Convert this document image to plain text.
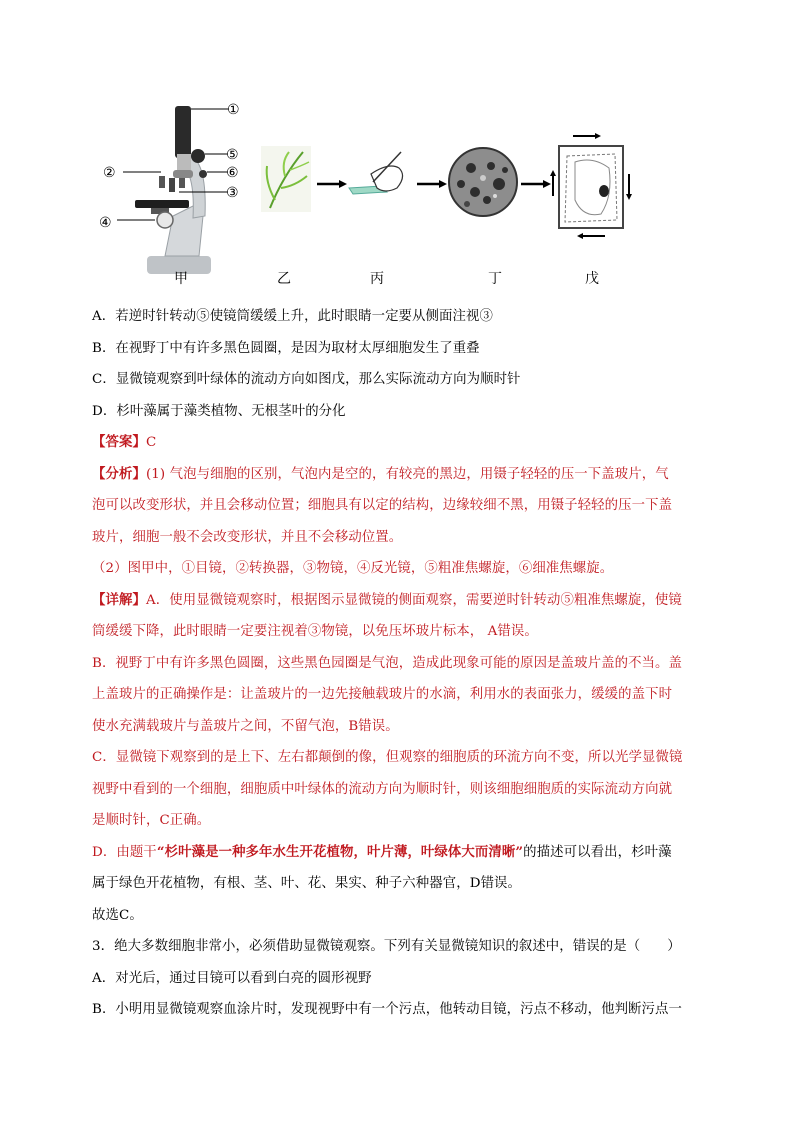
①
⑤
⑥
③
②
④
甲	乙	丙	丁	戊
A．若逆时针转动⑤使镜筒缓缓上升，此时眼睛一定要从侧面注视③
B．在视野丁中有许多黑色圆圈，是因为取材太厚细胞发生了重叠
C．显微镜观察到叶绿体的流动方向如图戊，那么实际流动方向为顺时针
D．杉叶藻属于藻类植物、无根茎叶的分化
【答案】C
【分析】(1) 气泡与细胞的区别，气泡内是空的，有较亮的黑边，用镊子轻轻的压一下盖玻片，气
泡可以改变形状，并且会移动位置；细胞具有以定的结构，边缘较细不黑，用镊子轻轻的压一下盖
玻片，细胞一般不会改变形状，并且不会移动位置。
（2）图甲中，①目镜，②转换器，③物镜，④反光镜，⑤粗准焦螺旋，⑥细准焦螺旋。
【详解】A．使用显微镜观察时，根据图示显微镜的侧面观察，需要逆时针转动⑤粗准焦螺旋，使镜
筒缓缓下降，此时眼睛一定要注视着③物镜，以免压坏玻片标本， A错误。
B．视野丁中有许多黑色圆圈，这些黑色园圈是气泡，造成此现象可能的原因是盖玻片盖的不当。盖
上盖玻片的正确操作是：让盖玻片的一边先接触载玻片的水滴，利用水的表面张力，缓缓的盖下时
使水充满载玻片与盖玻片之间，不留气泡，B错误。
C．显微镜下观察到的是上下、左右都颠倒的像，但观察的细胞质的环流方向不变，所以光学显微镜
视野中看到的一个细胞，细胞质中叶绿体的流动方向为顺时针，则该细胞细胞质的实际流动方向就
是顺时针，C正确。
D．由题干“杉叶藻是一种多年水生开花植物，叶片薄，叶绿体大而清晰”的描述可以看出，杉叶藻
属于绿色开花植物，有根、茎、叶、花、果实、种子六种器官，D错误。
故选C。
3．绝大多数细胞非常小，必须借助显微镜观察。下列有关显微镜知识的叙述中，错误的是（　　）
A．对光后，通过目镜可以看到白亮的圆形视野
B．小明用显微镜观察血涂片时，发现视野中有一个污点，他转动目镜，污点不移动，他判断污点一
